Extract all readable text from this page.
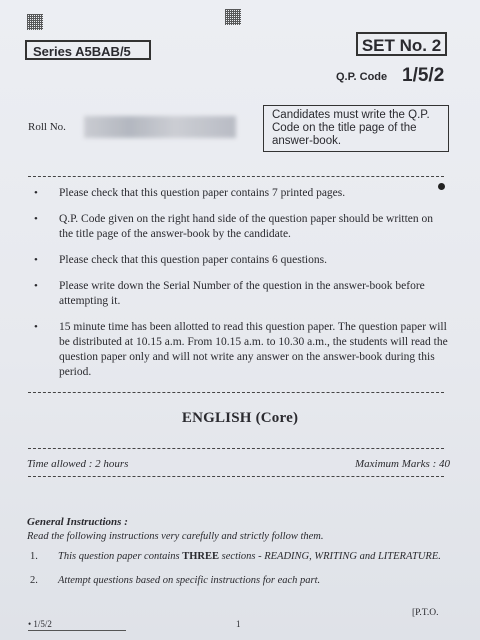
Series A5BAB/5	SET No. 2
Q.P. Code 1/5/2
Roll No.
Candidates must write the Q.P. Code on the title page of the answer-book.
• Please check that this question paper contains 7 printed pages.
• Q.P. Code given on the right hand side of the question paper should be written on the title page of the answer-book by the candidate.
• Please check that this question paper contains 6 questions.
• Please write down the Serial Number of the question in the answer-book before attempting it.
• 15 minute time has been allotted to read this question paper. The question paper will be distributed at 10.15 a.m. From 10.15 a.m. to 10.30 a.m., the students will read the question paper only and will not write any answer on the answer-book during this period.
ENGLISH (Core)
Time allowed : 2 hours	Maximum Marks : 40
General Instructions :
Read the following instructions very carefully and strictly follow them.
1. This question paper contains THREE sections - READING, WRITING and LITERATURE.
2. Attempt questions based on specific instructions for each part.
• 1/5/2	1
[P.T.O.
